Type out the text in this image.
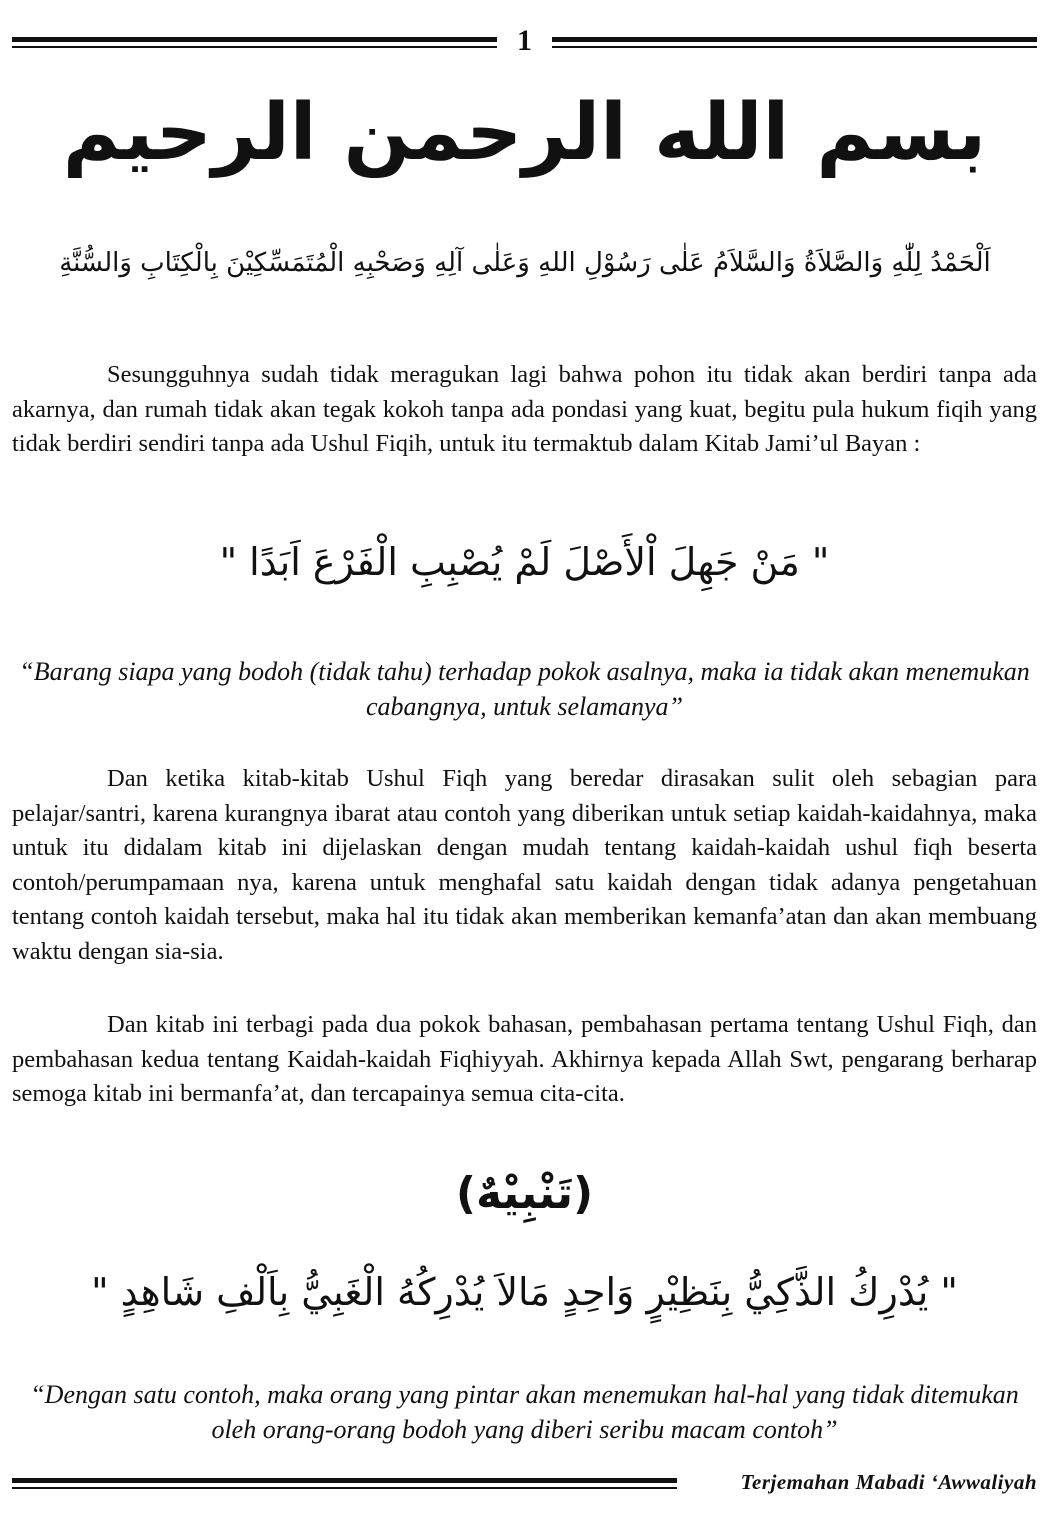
1
بسم الله الرحمن الرحيم
اَلْحَمْدُ لِلّٰهِ وَالصَّلاَةُ وَالسَّلاَمُ عَلٰى رَسُوْلِ اللهِ وَعَلٰى آلِهِ وَصَحْبِهِ الْمُتَمَسِّكِيْنَ بِالْكِتَابِ وَالسُّنَّةِ

Sesungguhnya sudah tidak meragukan lagi bahwa pohon itu tidak akan berdiri tanpa ada akarnya, dan rumah tidak akan tegak kokoh tanpa ada pondasi yang kuat, begitu pula hukum fiqih yang tidak berdiri sendiri tanpa ada Ushul Fiqih, untuk itu termaktub dalam Kitab Jami’ul Bayan :

" مَنْ جَهِلَ اْلأَصْلَ لَمْ يُصْبِبِ الْفَرْعَ اَبَدًا "

“Barang siapa yang bodoh (tidak tahu) terhadap pokok asalnya, maka ia tidak akan menemukan cabangnya, untuk selamanya”

Dan ketika kitab-kitab Ushul Fiqh yang beredar dirasakan sulit oleh sebagian para pelajar/santri, karena kurangnya ibarat atau contoh yang diberikan untuk setiap kaidah-kaidahnya, maka untuk itu didalam kitab ini dijelaskan dengan mudah tentang kaidah-kaidah ushul fiqh beserta contoh/perumpamaan nya, karena untuk menghafal satu kaidah dengan tidak adanya pengetahuan tentang contoh kaidah tersebut, maka hal itu tidak akan memberikan kemanfa’atan dan akan membuang waktu dengan sia-sia.

Dan kitab ini terbagi pada dua pokok bahasan, pembahasan pertama tentang Ushul Fiqh, dan pembahasan kedua tentang Kaidah-kaidah Fiqhiyyah. Akhirnya kepada Allah Swt, pengarang berharap semoga kitab ini bermanfa’at, dan tercapainya semua cita-cita.

(تَنْبِيْهٌ)
" يُدْرِكُ الذَّكِيُّ بِنَظِيْرٍ وَاحِدٍ مَالاَ يُدْرِكُهُ الْغَبِيُّ بِاَلْفِ شَاهِدٍ "

“Dengan satu contoh, maka orang yang pintar akan menemukan hal-hal yang tidak ditemukan oleh orang-orang bodoh yang diberi seribu macam contoh”

Terjemahan Mabadi ‘Awwaliyah
